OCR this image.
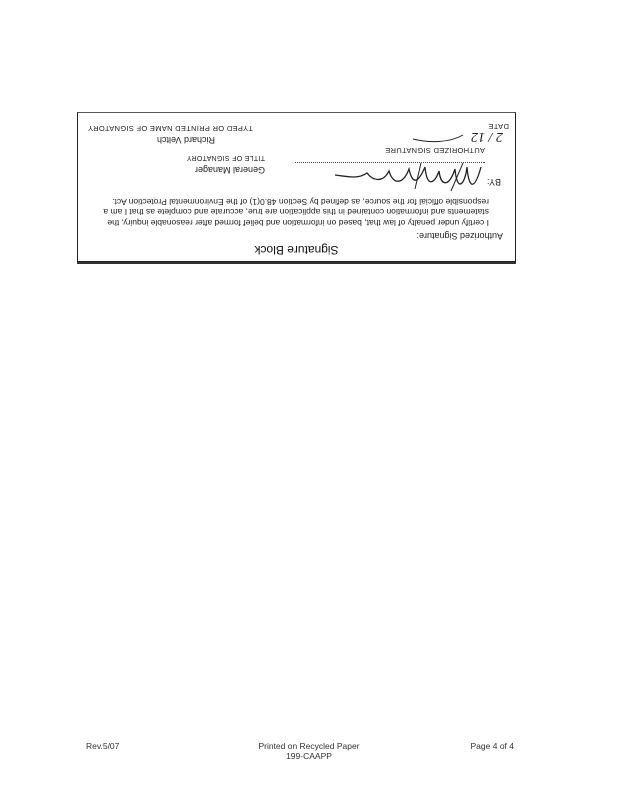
Signature Block
Authorized Signature:
I certify under penalty of law that, based on information and belief formed after reasonable inquiry, the statements and information contained in this application are true, accurate and complete as that I am a responsible official for the source, as defined by Section 48.0(1) of the Environmental Protection Act.
BY:
AUTHORIZED SIGNATURE
General Manager
TITLE OF SIGNATORY
Richard Veltch
TYPED OR PRINTED NAME OF SIGNATORY	DATE
2 / 12
Rev.5/07	Printed on Recycled Paper
199-CAAPP
Page 4 of 4
